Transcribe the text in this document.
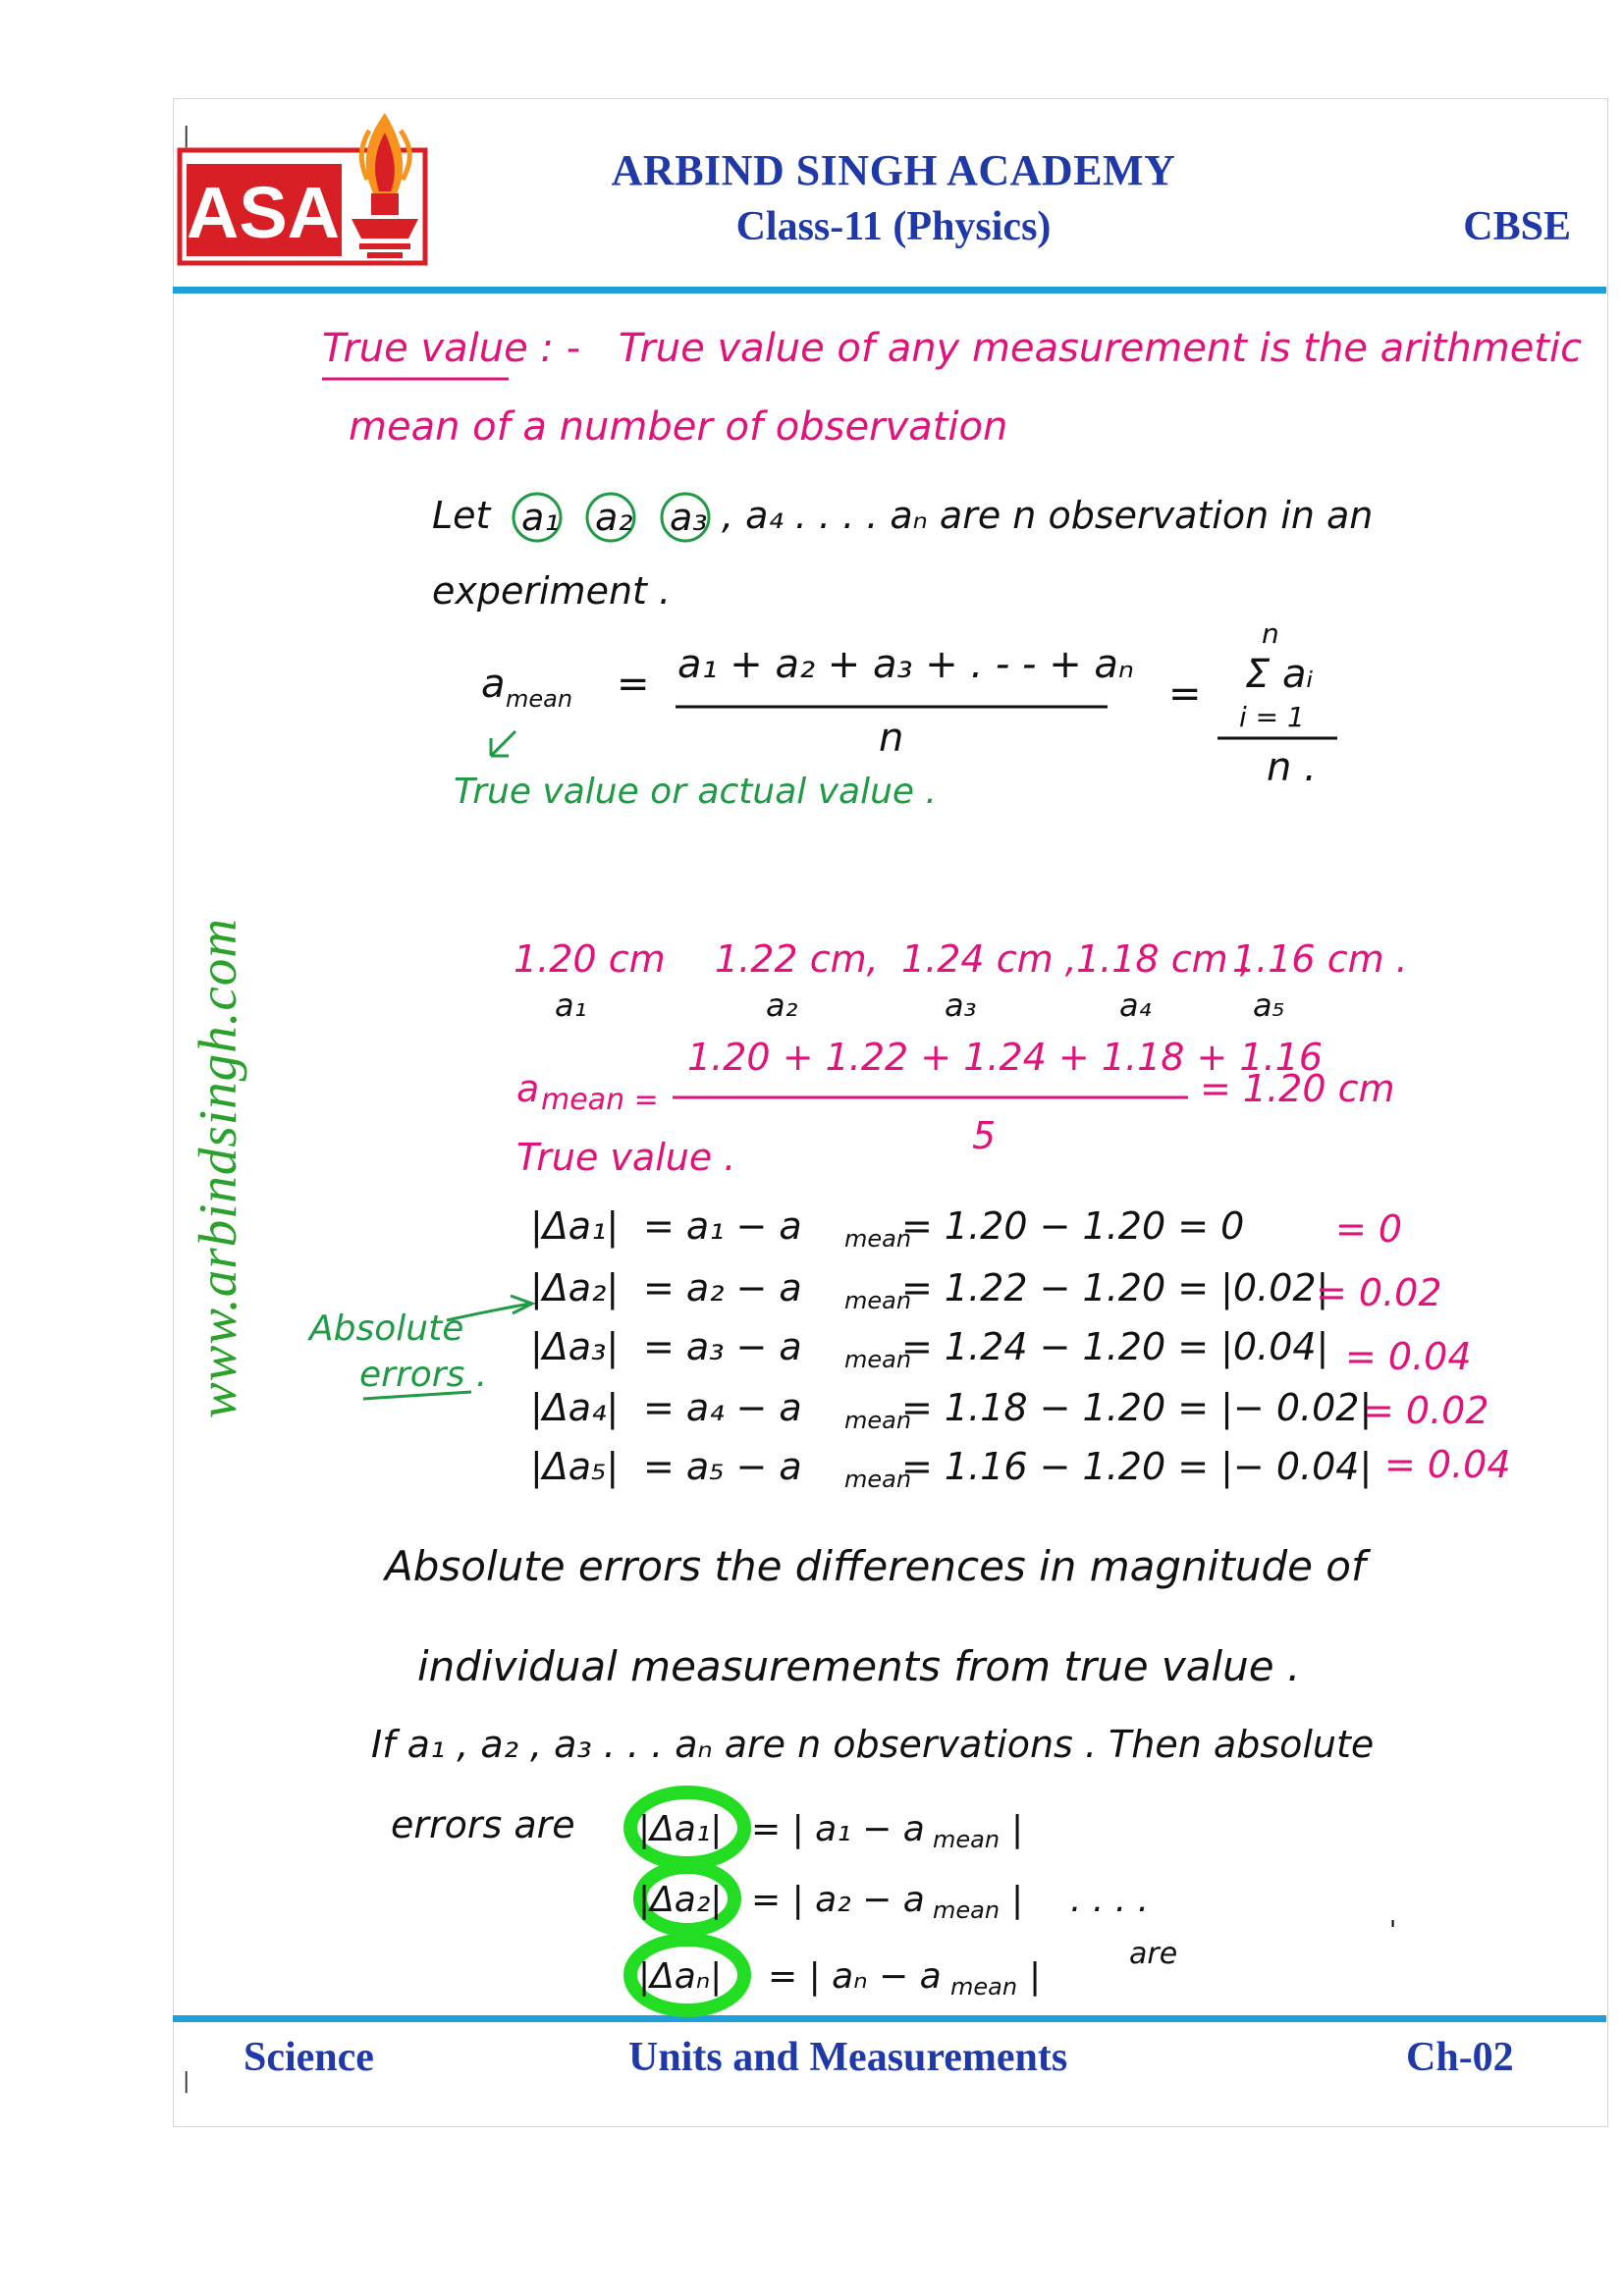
ASA
ARBIND SINGH ACADEMY
Class-11 (Physics)	CBSE
www.arbindsingh.com
Science	Units and Measurements	Ch-02
|
|
True value : - True value of any measurement is the arithmetic
mean of a number of observation
Let a₁ a₂ a₃ , a₄ . . . . aₙ are n observation in an
experiment .
a mean = a₁ + a₂ + a₃ + . - - + aₙ
n
=
n
Σ aᵢ
i = 1
n .
True value or actual value .
1.20 cm 1.22 cm, 1.24 cm , 1.18 cm ,
1.16 cm .
a₁	a₂	a₃	a₄	a₅
a mean =
1.20 + 1.22 + 1.24 + 1.18 + 1.16
5
= 1.20 cm
True value .
Absolute
errors .
|Δa₁| = a₁ − a mean
= 1.20 − 1.20 = 0 = 0
|Δa₂| = a₂ − a mean
= 1.22 − 1.20 = |0.02|
= 0.02
|Δa₃| = a₃ − a mean
= 1.24 − 1.20 = |0.04| = 0.04
|Δa₄| = a₄ − a mean
= 1.18 − 1.20 = |− 0.02|
= 0.02
|Δa₅| = a₅ − a mean
= 1.16 − 1.20 = |− 0.04| = 0.04
Absolute errors the differences in magnitude of
individual measurements from true value .
If a₁ , a₂ , a₃ . . . aₙ are n observations . Then absolute
errors are |Δa₁| = | a₁ − a mean |
|Δa₂| = | a₂ − a mean | . . . .
|Δaₙ| = | aₙ − a mean |
are
'
